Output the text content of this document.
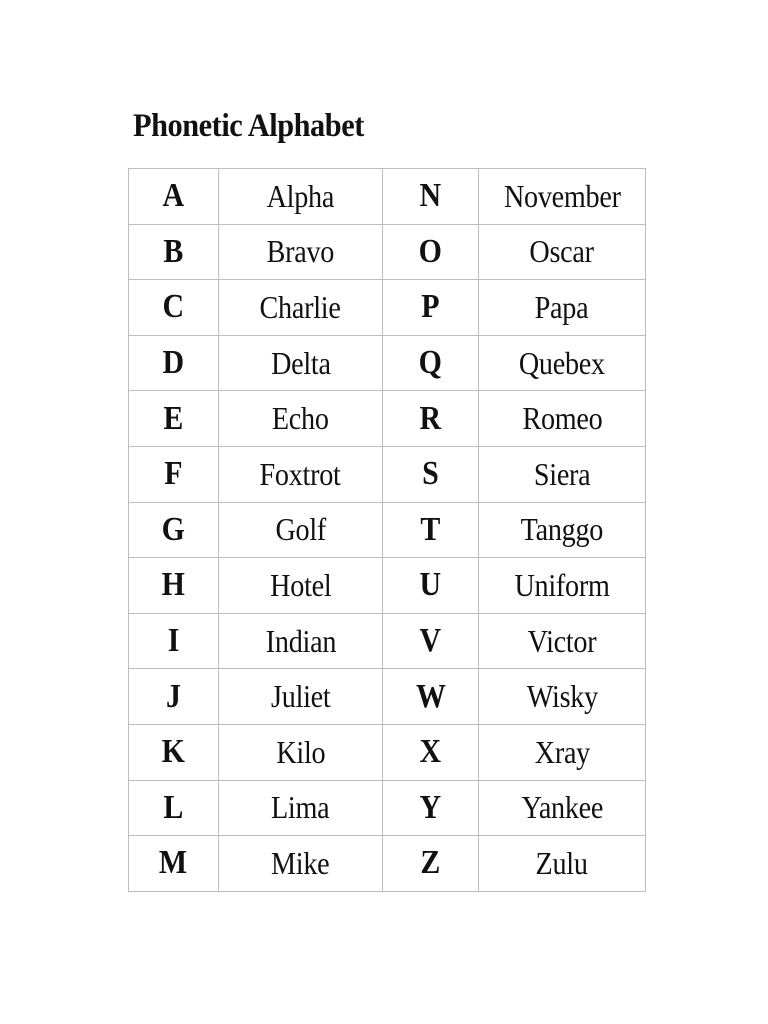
Phonetic Alphabet
A	Alpha	N	November
B	Bravo	O	Oscar
C	Charlie	P	Papa
D	Delta	Q	Quebex
E	Echo	R	Romeo
F	Foxtrot	S	Siera
G	Golf	T	Tanggo
H	Hotel	U	Uniform
I	Indian	V	Victor
J	Juliet	W	Wisky
K	Kilo	X	Xray
L	Lima	Y	Yankee
M	Mike	Z	Zulu
